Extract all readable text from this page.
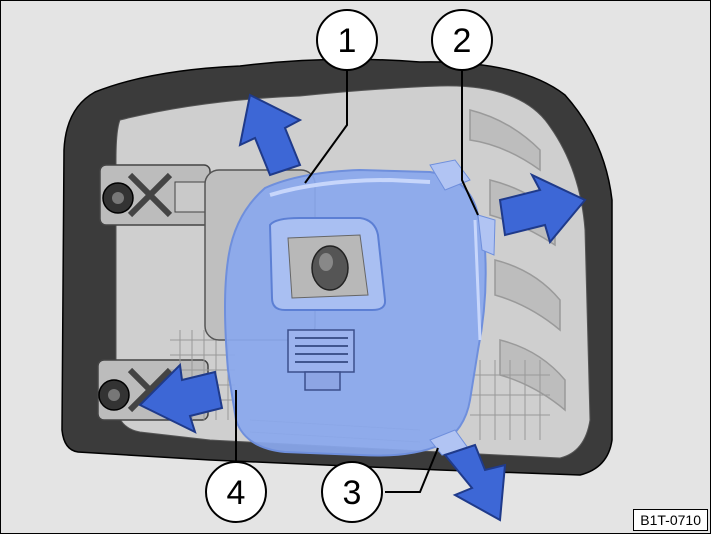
1	2
3
4
B1T-0710
